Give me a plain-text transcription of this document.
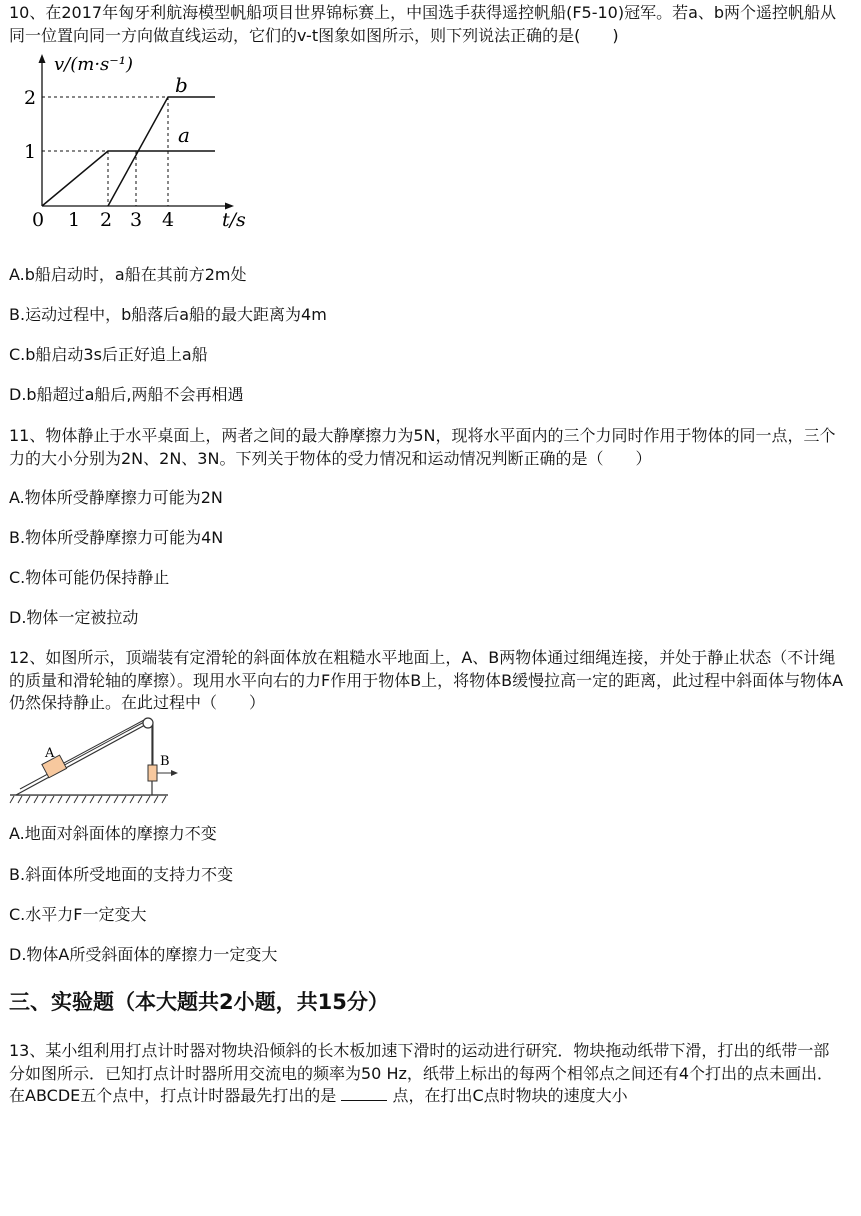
10、在2017年匈牙利航海模型帆船项目世界锦标赛上，中国选手获得遥控帆船(F5-10)冠军。若a、b两个遥控帆船从同一位置向同一方向做直线运动，它们的v-t图象如图所示，则下列说法正确的是(　　)
v/(m·s⁻¹)
b
a
2
1
0 1 2 3 4	t/s
A.b船启动时，a船在其前方2m处
B.运动过程中，b船落后a船的最大距离为4m
C.b船启动3s后正好追上a船
D.b船超过a船后,两船不会再相遇
11、物体静止于水平桌面上，两者之间的最大静摩擦力为5N，现将水平面内的三个力同时作用于物体的同一点，三个力的大小分别为2N、2N、3N。下列关于物体的受力情况和运动情况判断正确的是（　　）
A.物体所受静摩擦力可能为2N
B.物体所受静摩擦力可能为4N
C.物体可能仍保持静止
D.物体一定被拉动
12、如图所示，顶端装有定滑轮的斜面体放在粗糙水平地面上，A、B两物体通过细绳连接，并处于静止状态（不计绳的质量和滑轮轴的摩擦）。现用水平向右的力F作用于物体B上，将物体B缓慢拉高一定的距离，此过程中斜面体与物体A仍然保持静止。在此过程中（　　）
A
B
A.地面对斜面体的摩擦力不变
B.斜面体所受地面的支持力不变
C.水平力F一定变大
D.物体A所受斜面体的摩擦力一定变大
三、实验题（本大题共2小题，共15分）
13、某小组利用打点计时器对物块沿倾斜的长木板加速下滑时的运动进行研究．物块拖动纸带下滑，打出的纸带一部分如图所示．已知打点计时器所用交流电的频率为50 Hz，纸带上标出的每两个相邻点之间还有4个打出的点未画出．在ABCDE五个点中，打点计时器最先打出的是	点，在打出C点时物块的速度大小
